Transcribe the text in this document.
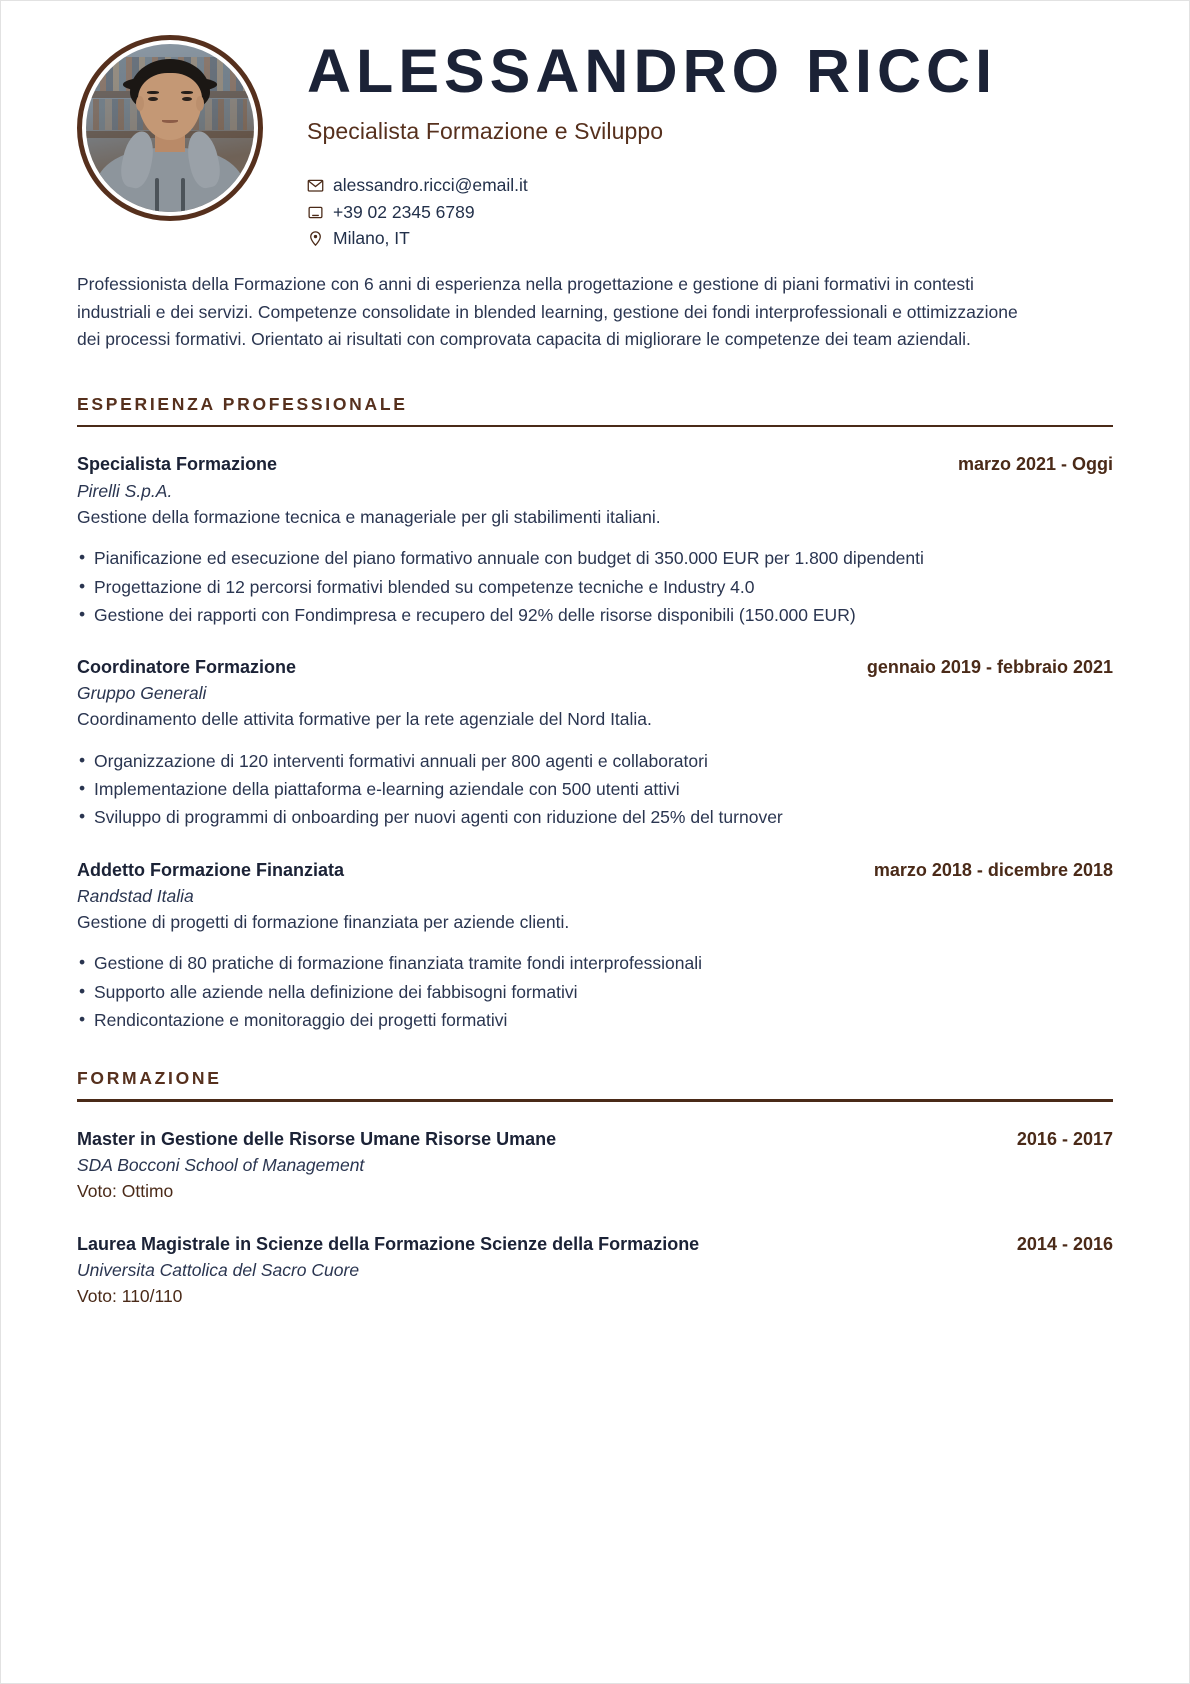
ALESSANDRO RICCI
Specialista Formazione e Sviluppo
alessandro.ricci@email.it
+39 02 2345 6789
Milano, IT
Professionista della Formazione con 6 anni di esperienza nella progettazione e gestione di piani formativi in contesti industriali e dei servizi. Competenze consolidate in blended learning, gestione dei fondi interprofessionali e ottimizzazione dei processi formativi. Orientato ai risultati con comprovata capacita di migliorare le competenze dei team aziendali.
ESPERIENZA PROFESSIONALE
Specialista Formazione	marzo 2021 - Oggi
Pirelli S.p.A.
Gestione della formazione tecnica e manageriale per gli stabilimenti italiani.
• Pianificazione ed esecuzione del piano formativo annuale con budget di 350.000 EUR per 1.800 dipendenti
• Progettazione di 12 percorsi formativi blended su competenze tecniche e Industry 4.0
• Gestione dei rapporti con Fondimpresa e recupero del 92% delle risorse disponibili (150.000 EUR)
Coordinatore Formazione	gennaio 2019 - febbraio 2021
Gruppo Generali
Coordinamento delle attivita formative per la rete agenziale del Nord Italia.
• Organizzazione di 120 interventi formativi annuali per 800 agenti e collaboratori
• Implementazione della piattaforma e-learning aziendale con 500 utenti attivi
• Sviluppo di programmi di onboarding per nuovi agenti con riduzione del 25% del turnover
Addetto Formazione Finanziata	marzo 2018 - dicembre 2018
Randstad Italia
Gestione di progetti di formazione finanziata per aziende clienti.
• Gestione di 80 pratiche di formazione finanziata tramite fondi interprofessionali
• Supporto alle aziende nella definizione dei fabbisogni formativi
• Rendicontazione e monitoraggio dei progetti formativi
FORMAZIONE
Master in Gestione delle Risorse Umane Risorse Umane	2016 - 2017
SDA Bocconi School of Management
Voto: Ottimo
Laurea Magistrale in Scienze della Formazione Scienze della Formazione	2014 - 2016
Universita Cattolica del Sacro Cuore
Voto: 110/110
